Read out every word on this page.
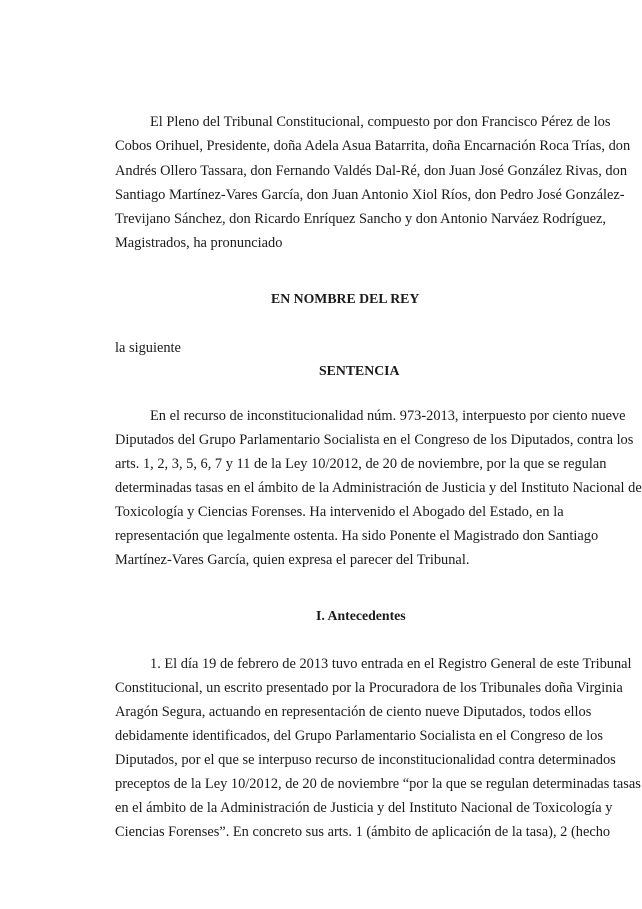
El Pleno del Tribunal Constitucional, compuesto por don Francisco Pérez de los
Cobos Orihuel, Presidente, doña Adela Asua Batarrita, doña Encarnación Roca Trías, don
Andrés Ollero Tassara, don Fernando Valdés Dal-Ré, don Juan José González Rivas, don
Santiago Martínez-Vares García, don Juan Antonio Xiol Ríos, don Pedro José González-
Trevijano Sánchez, don Ricardo Enríquez Sancho y don Antonio Narváez Rodríguez,
Magistrados, ha pronunciado
EN NOMBRE DEL REY
la siguiente
SENTENCIA
En el recurso de inconstitucionalidad núm. 973-2013, interpuesto por ciento nueve
Diputados del Grupo Parlamentario Socialista en el Congreso de los Diputados, contra los
arts. 1, 2, 3, 5, 6, 7 y 11 de la Ley 10/2012, de 20 de noviembre, por la que se regulan
determinadas tasas en el ámbito de la Administración de Justicia y del Instituto Nacional de
Toxicología y Ciencias Forenses. Ha intervenido el Abogado del Estado, en la
representación que legalmente ostenta. Ha sido Ponente el Magistrado don Santiago
Martínez-Vares García, quien expresa el parecer del Tribunal.
I. Antecedentes
1. El día 19 de febrero de 2013 tuvo entrada en el Registro General de este Tribunal
Constitucional, un escrito presentado por la Procuradora de los Tribunales doña Virginia
Aragón Segura, actuando en representación de ciento nueve Diputados, todos ellos
debidamente identificados, del Grupo Parlamentario Socialista en el Congreso de los
Diputados, por el que se interpuso recurso de inconstitucionalidad contra determinados
preceptos de la Ley 10/2012, de 20 de noviembre “por la que se regulan determinadas tasas
en el ámbito de la Administración de Justicia y del Instituto Nacional de Toxicología y
Ciencias Forenses”. En concreto sus arts. 1 (ámbito de aplicación de la tasa), 2 (hecho
